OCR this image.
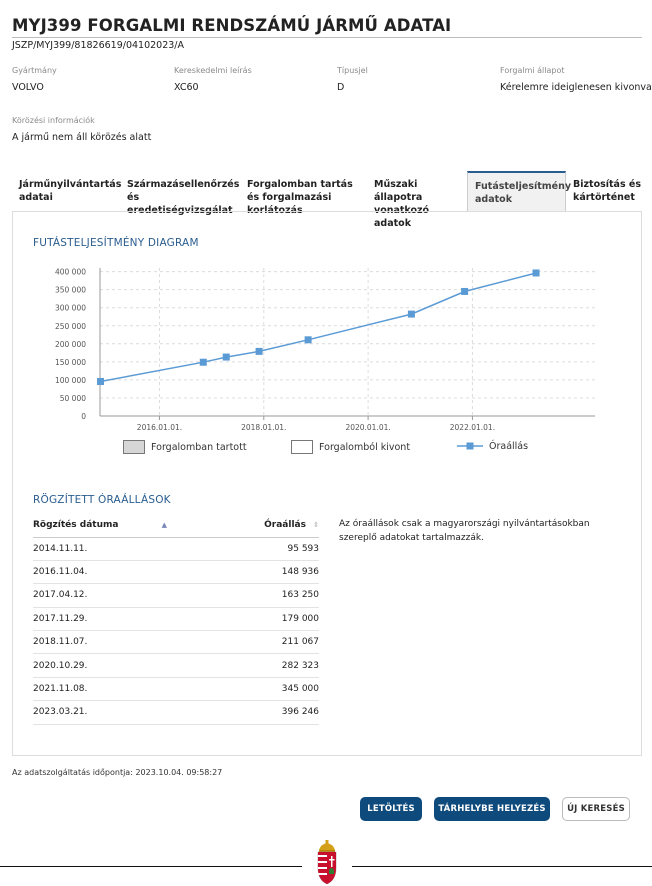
MYJ399 FORGALMI RENDSZÁMÚ JÁRMŰ ADATAI
JSZP/MYJ399/81826619/04102023/A
Gyártmány
VOLVO
Kereskedelmi leírás
XC60
Típusjel
D
Forgalmi állapot
Kérelemre ideiglenesen kivonva
Körözési információk
A jármű nem áll körözés alatt
Járműnyilvántartás adatai
Származásellenőrzés és eredetiségvizsgálat
Forgalomban tartás és forgalmazási korlátozás
Műszaki állapotra vonatkozó adatok
Futásteljesítmény adatok
Biztosítás és kártörténet
FUTÁSTELJESÍTMÉNY DIAGRAM
400 000
350 000
300 000
250 000
200 000
150 000
100 000
50 000
0
2016.01.01.	2018.01.01.	2020.01.01.	2022.01.01.
Forgalomban tartott	Forgalomból kivont	Óraállás
RÖGZÍTETT ÓRAÁLLÁSOK
Rögzítés dátuma ▲	Óraállás ⇕
2014.11.11.	95 593
2016.11.04.	148 936
2017.04.12.	163 250
2017.11.29.	179 000
2018.11.07.	211 067
2020.10.29.	282 323
2021.11.08.	345 000
2023.03.21.	396 246
Az óraállások csak a magyarországi nyilvántartásokban szereplő adatokat tartalmazzák.
Az adatszolgáltatás időpontja: 2023.10.04. 09:58:27
LETÖLTÉS	TÁRHELYBE HELYEZÉS	ÚJ KERESÉS
